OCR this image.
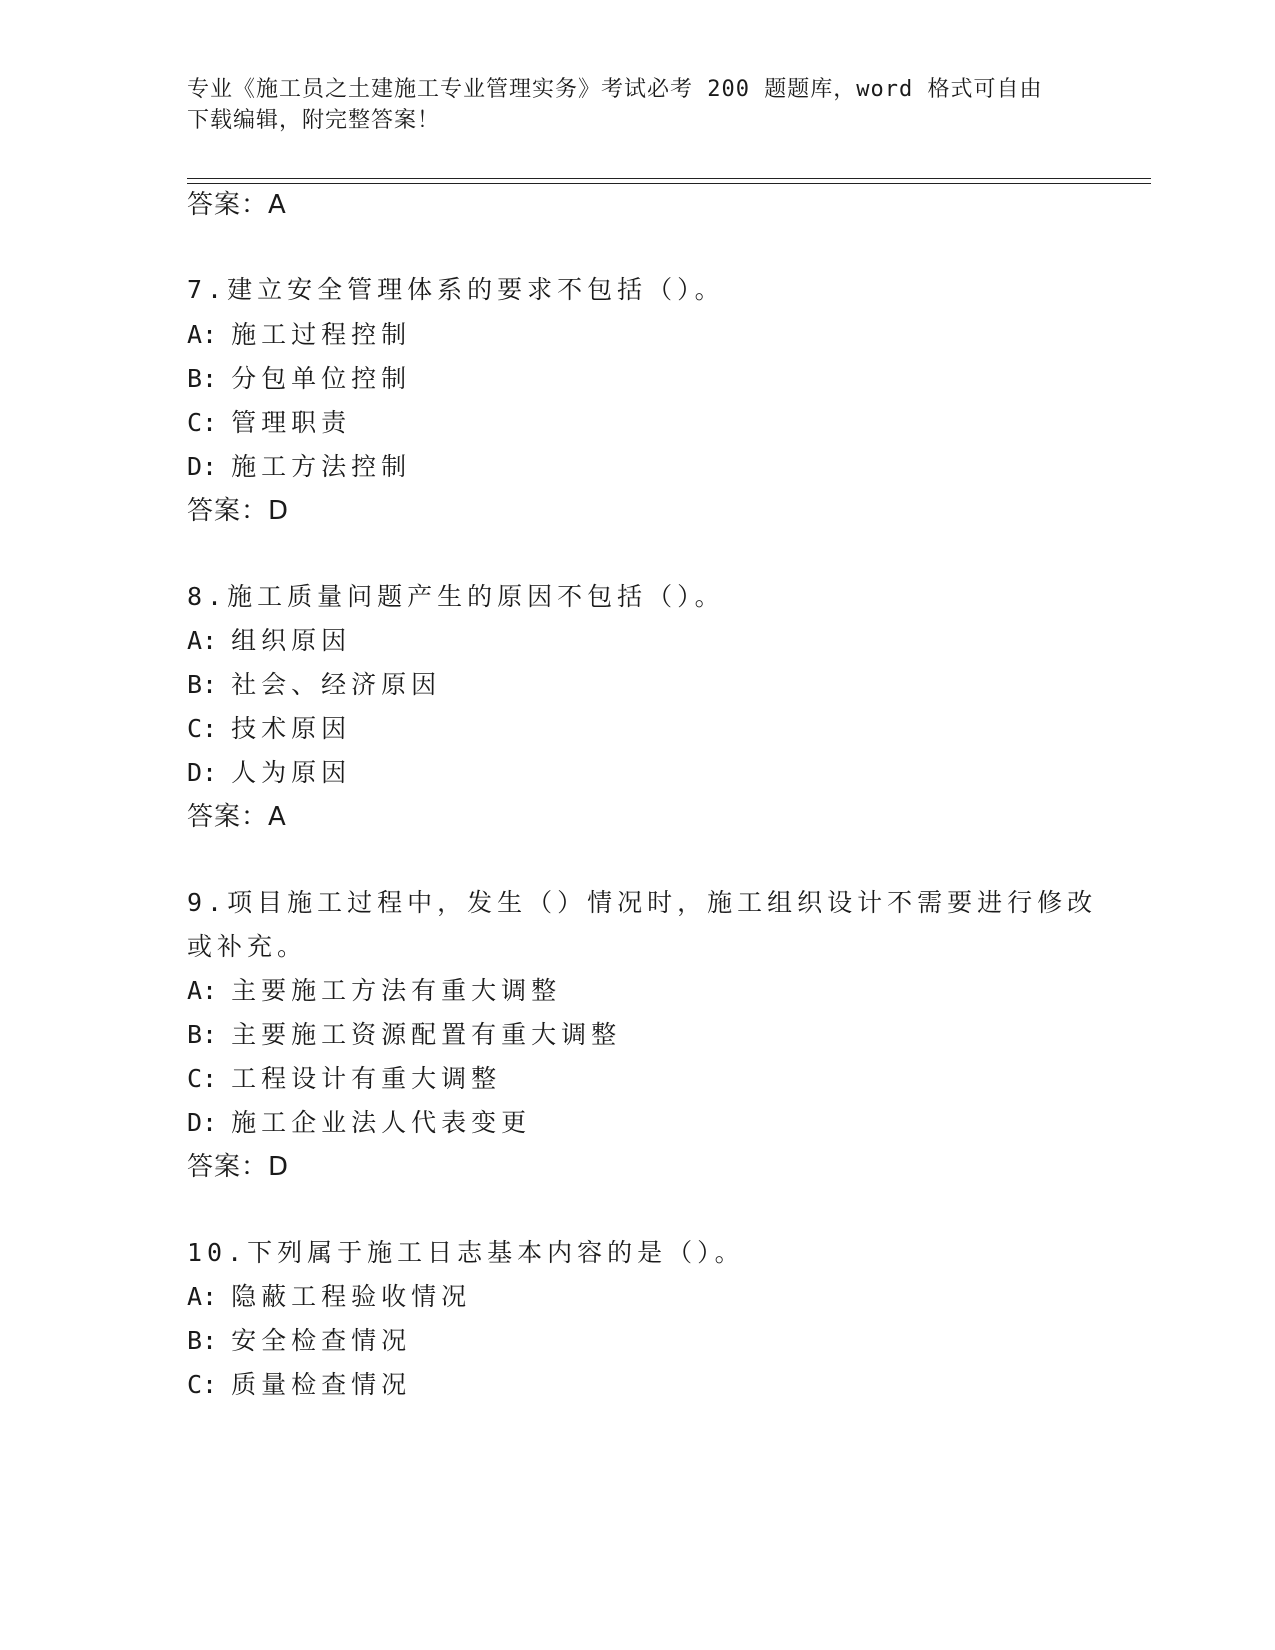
专业《施工员之土建施工专业管理实务》考试必考 200 题题库，word 格式可自由
下载编辑，附完整答案！
答案：A
7.建立安全管理体系的要求不包括（）。
A: 施工过程控制
B: 分包单位控制
C: 管理职责
D: 施工方法控制
答案：D
8.施工质量问题产生的原因不包括（）。
A: 组织原因
B: 社会、经济原因
C: 技术原因
D: 人为原因
答案：A
9.项目施工过程中，发生（）情况时，施工组织设计不需要进行修改
或补充。
A: 主要施工方法有重大调整
B: 主要施工资源配置有重大调整
C: 工程设计有重大调整
D: 施工企业法人代表变更
答案：D
10.下列属于施工日志基本内容的是（）。
A: 隐蔽工程验收情况
B: 安全检查情况
C: 质量检查情况
